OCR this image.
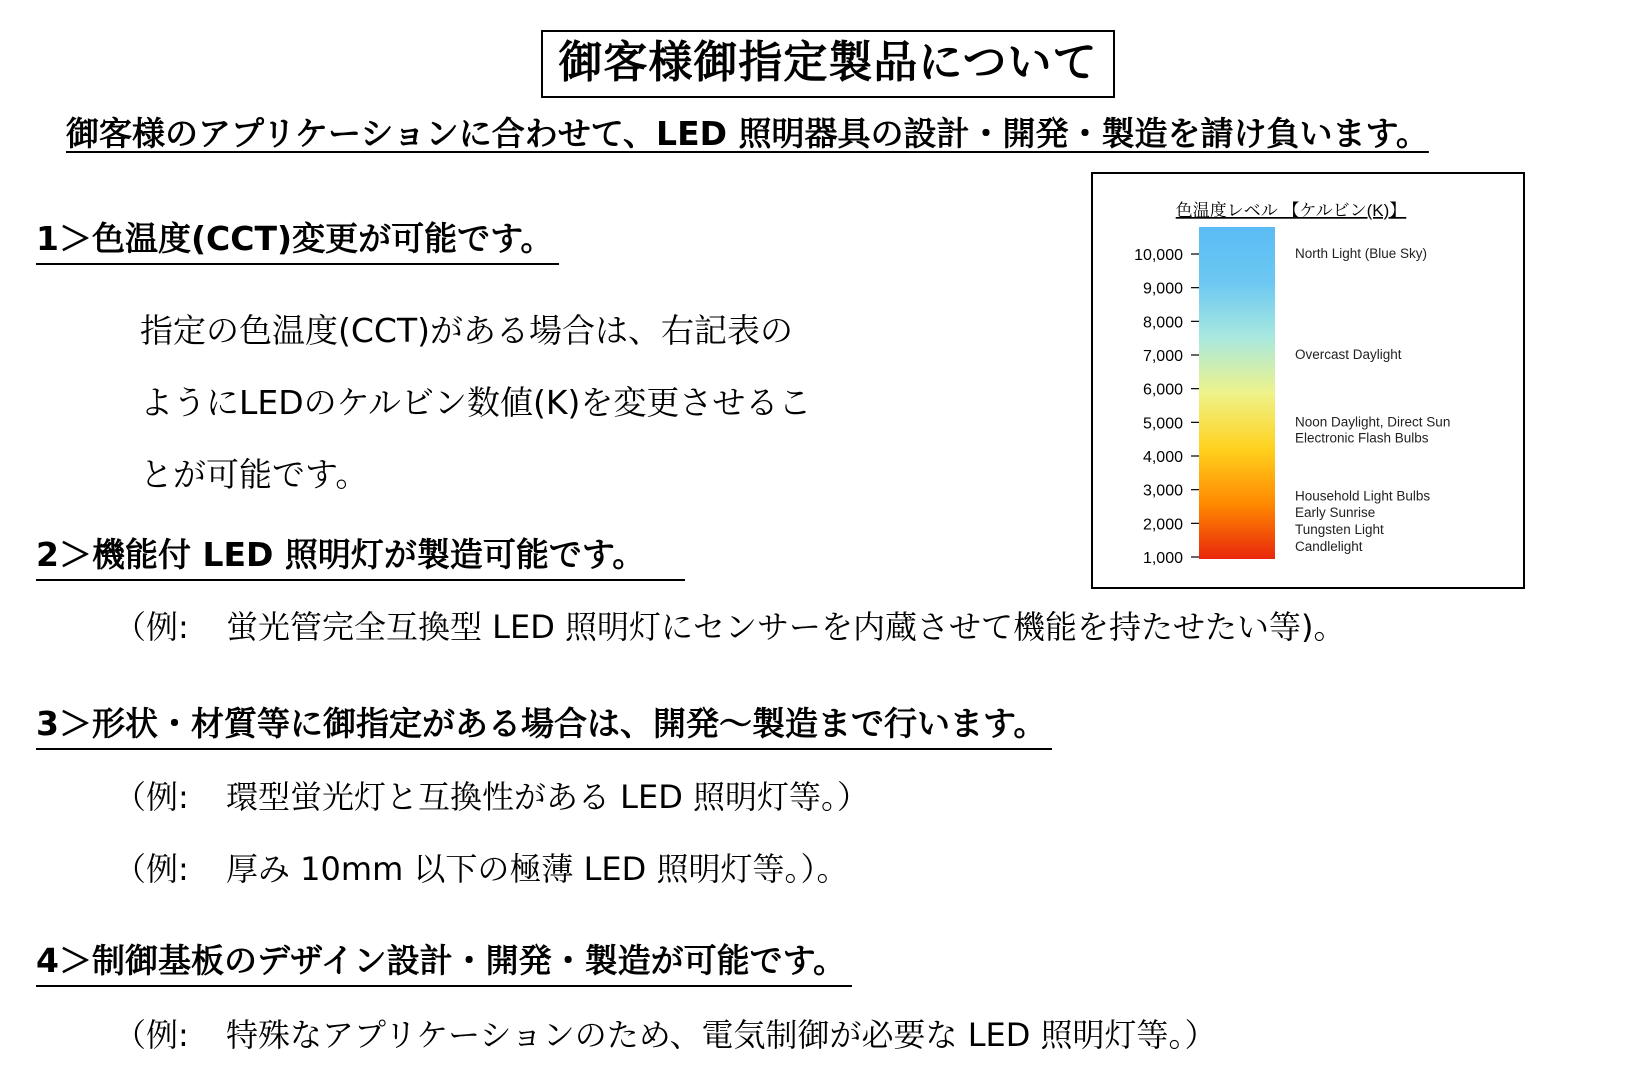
御客様御指定製品について
御客様のアプリケーションに合わせて、LED 照明器具の設計・開発・製造を請け負います。
1＞色温度(CCT)変更が可能です。
指定の色温度(CCT)がある場合は、右記表の
ようにLEDのケルビン数値(K)を変更させるこ
とが可能です。
2＞機能付 LED 照明灯が製造可能です。
（例: 蛍光管完全互換型 LED 照明灯にセンサーを内蔵させて機能を持たせたい等)。
3＞形状・材質等に御指定がある場合は、開発～製造まで行います。
（例: 環型蛍光灯と互換性がある LED 照明灯等。）
（例: 厚み 10mm 以下の極薄 LED 照明灯等。）。
4＞制御基板のデザイン設計・開発・製造が可能です。
（例: 特殊なアプリケーションのため、電気制御が必要な LED 照明灯等。）
色温度レベル 【ケルビン(K)】
10,000
9,000
8,000
7,000
6,000
5,000
4,000
3,000
2,000
1,000
North Light (Blue Sky)
Overcast Daylight
Noon Daylight, Direct Sun
Electronic Flash Bulbs
Household Light Bulbs
Early Sunrise
Tungsten Light
Candlelight
